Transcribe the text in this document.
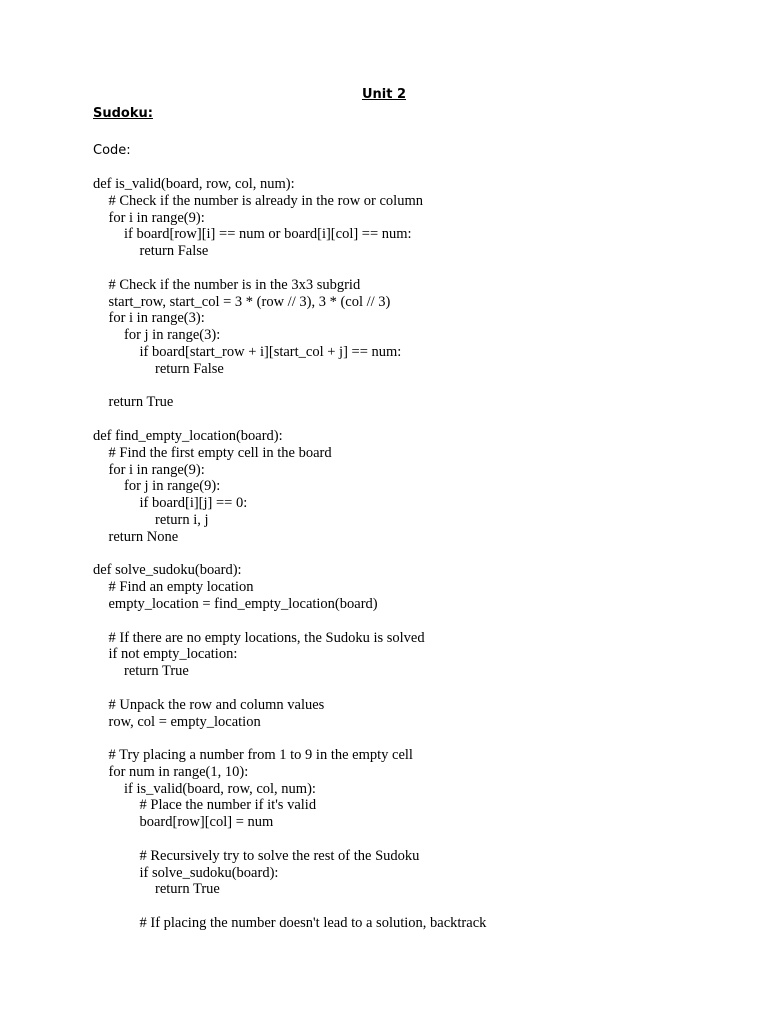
Unit 2
Sudoku:
Code:
def is_valid(board, row, col, num):
# Check if the number is already in the row or column
for i in range(9):
if board[row][i] == num or board[i][col] == num:
return False
# Check if the number is in the 3x3 subgrid
start_row, start_col = 3 * (row // 3), 3 * (col // 3)
for i in range(3):
for j in range(3):
if board[start_row + i][start_col + j] == num:
return False
return True
def find_empty_location(board):
# Find the first empty cell in the board
for i in range(9):
for j in range(9):
if board[i][j] == 0:
return i, j
return None
def solve_sudoku(board):
# Find an empty location
empty_location = find_empty_location(board)
# If there are no empty locations, the Sudoku is solved
if not empty_location:
return True
# Unpack the row and column values
row, col = empty_location
# Try placing a number from 1 to 9 in the empty cell
for num in range(1, 10):
if is_valid(board, row, col, num):
# Place the number if it's valid
board[row][col] = num
# Recursively try to solve the rest of the Sudoku
if solve_sudoku(board):
return True
# If placing the number doesn't lead to a solution, backtrack
